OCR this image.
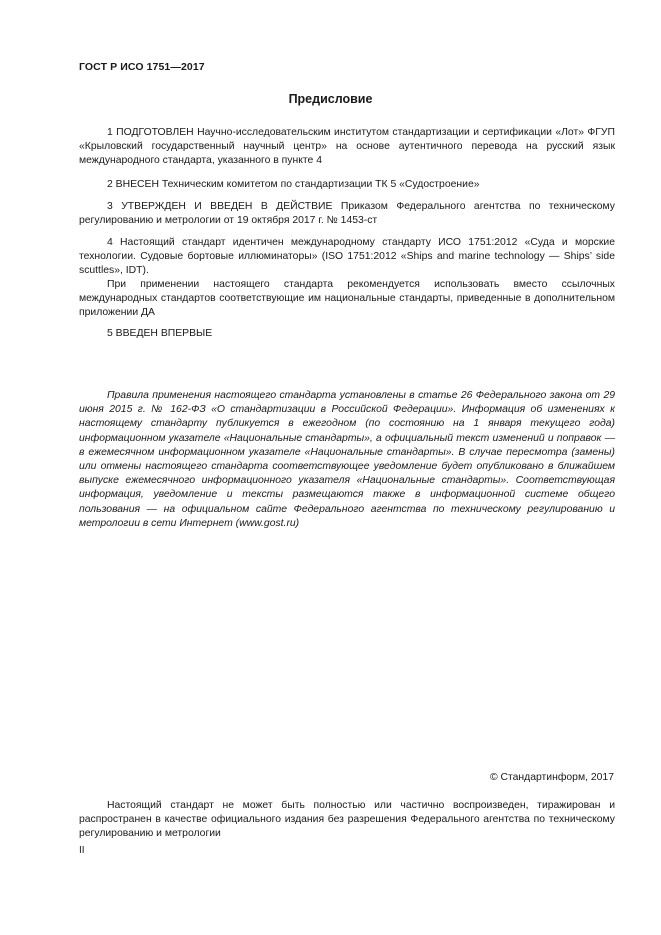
ГОСТ Р ИСО 1751—2017
Предисловие

1 ПОДГОТОВЛЕН Научно-исследовательским институтом стандартизации и сертификации «Лот» ФГУП «Крыловский государственный научный центр» на основе аутентичного перевода на русский язык международного стандарта, указанного в пункте 4

2 ВНЕСЕН Техническим комитетом по стандартизации ТК 5 «Судостроение»

3 УТВЕРЖДЕН И ВВЕДЕН В ДЕЙСТВИЕ Приказом Федерального агентства по техническому регулированию и метрологии от 19 октября 2017 г. № 1453-ст

4 Настоящий стандарт идентичен международному стандарту ИСО 1751:2012 «Суда и морские технологии. Судовые бортовые иллюминаторы» (ISO 1751:2012 «Ships and marine technology — Ships’ side scuttles», IDT).

При применении настоящего стандарта рекомендуется использовать вместо ссылочных международных стандартов соответствующие им национальные стандарты, приведенные в дополнительном приложении ДА

5 ВВЕДЕН ВПЕРВЫЕ

Правила применения настоящего стандарта установлены в статье 26 Федерального закона от 29 июня 2015 г. № 162-ФЗ «О стандартизации в Российской Федерации». Информация об изменениях к настоящему стандарту публикуется в ежегодном (по состоянию на 1 января текущего года) информационном указателе «Национальные стандарты», а официальный текст изменений и поправок — в ежемесячном информационном указателе «Национальные стандарты». В случае пересмотра (замены) или отмены настоящего стандарта соответствующее уведомление будет опубликовано в ближайшем выпуске ежемесячного информационного указателя «Национальные стандарты». Соответствующая информация, уведомление и тексты размещаются также в информационной системе общего пользования — на официальном сайте Федерального агентства по техническому регулированию и метрологии в сети Интернет (www.gost.ru)
© Стандартинформ, 2017
Настоящий стандарт не может быть полностью или частично воспроизведен, тиражирован и распространен в качестве официального издания без разрешения Федерального агентства по техническому регулированию и метрологии
II
